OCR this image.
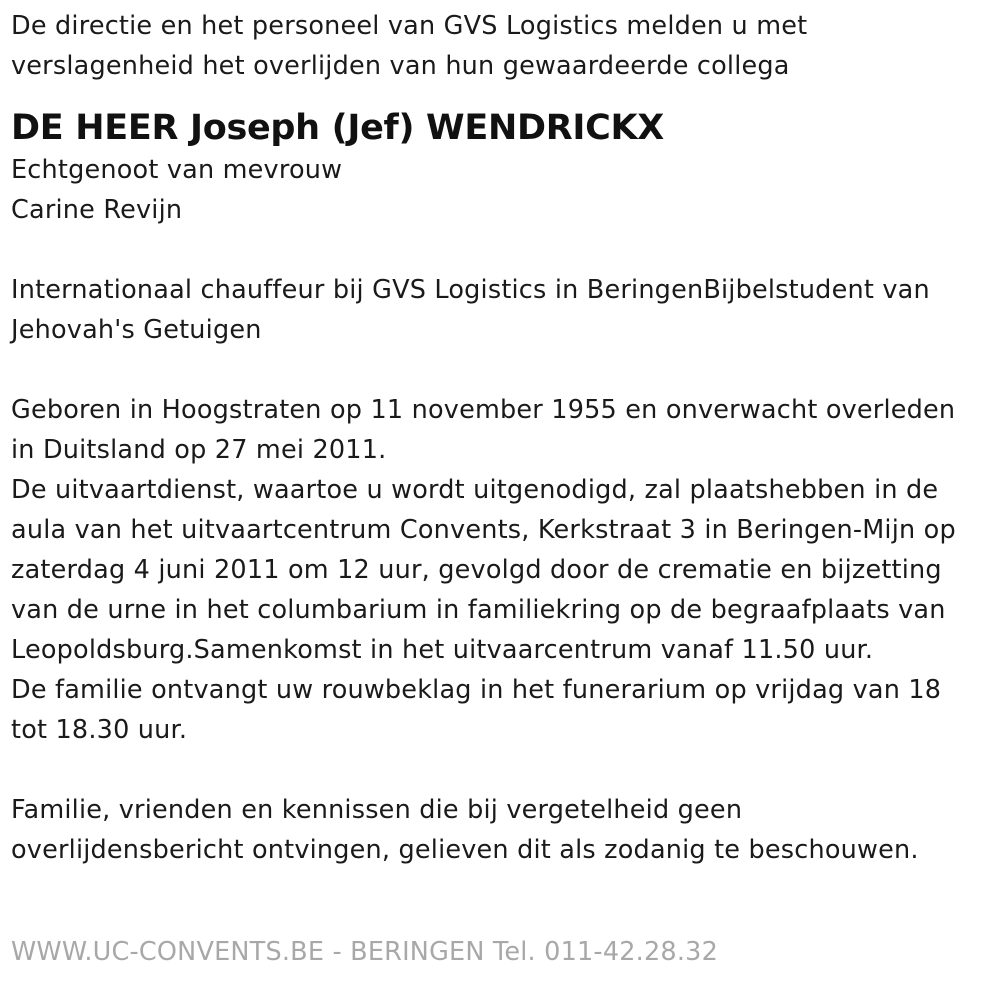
De directie en het personeel van GVS Logistics melden u met
verslagenheid het overlijden van hun gewaardeerde collega

DE HEER Joseph (Jef) WENDRICKX

Echtgenoot van mevrouw
Carine Revijn

Internationaal chauffeur bij GVS Logistics in BeringenBijbelstudent van
Jehovah's Getuigen

Geboren in Hoogstraten op 11 november 1955 en onverwacht overleden
in Duitsland op 27 mei 2011.
De uitvaartdienst, waartoe u wordt uitgenodigd, zal plaatshebben in de
aula van het uitvaartcentrum Convents, Kerkstraat 3 in Beringen-Mijn op
zaterdag 4 juni 2011 om 12 uur, gevolgd door de crematie en bijzetting
van de urne in het columbarium in familiekring op de begraafplaats van
Leopoldsburg.Samenkomst in het uitvaarcentrum vanaf 11.50 uur.
De familie ontvangt uw rouwbeklag in het funerarium op vrijdag van 18
tot 18.30 uur.

Familie, vrienden en kennissen die bij vergetelheid geen
overlijdensbericht ontvingen, gelieven dit als zodanig te beschouwen.

WWW.UC-CONVENTS.BE - BERINGEN Tel. 011-42.28.32
